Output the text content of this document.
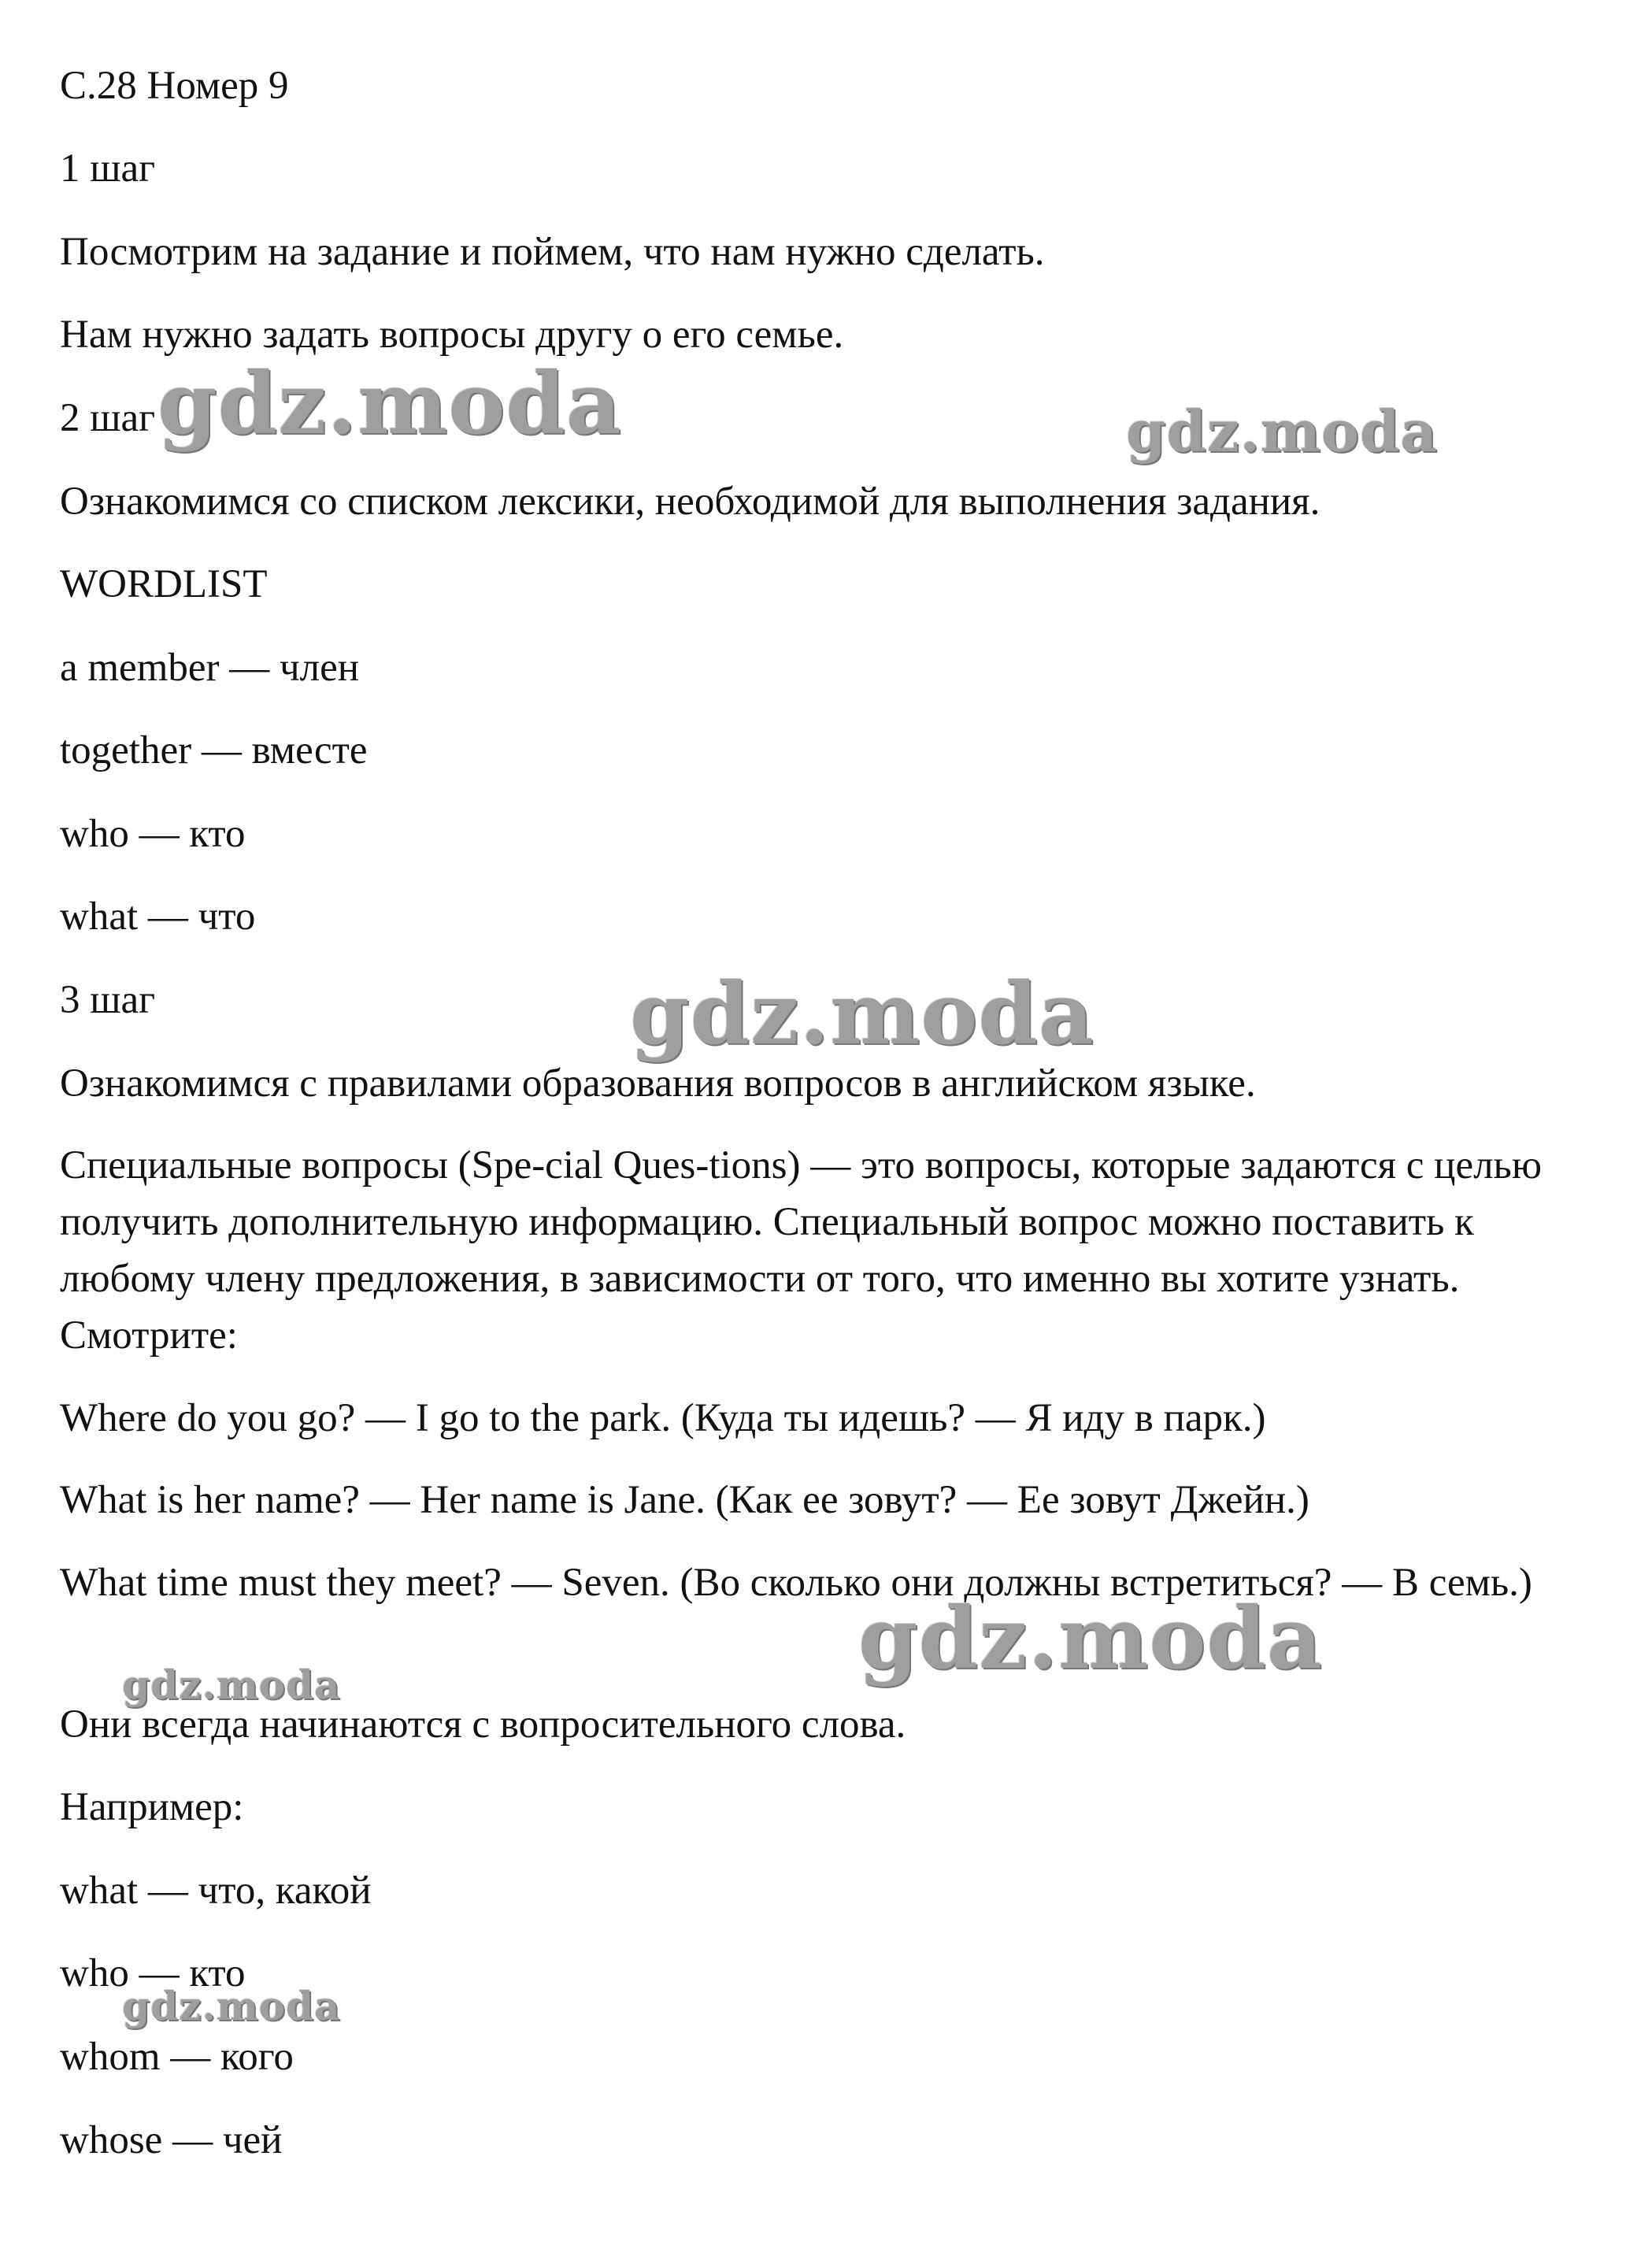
С.28 Номер 9
1 шаг
Посмотрим на задание и поймем, что нам нужно сделать.
Нам нужно задать вопросы другу о его семье.
2 шаг
Ознакомимся со списком лексики, необходимой для выполнения задания.
WORDLIST
a member — член
together — вместе
who — кто
what — что
3 шаг
Ознакомимся с правилами образования вопросов в английском языке.
Специальные вопросы (Spe-cial Ques-tions) — это вопросы, которые задаются с целью получить дополнительную информацию. Специальный вопрос можно поставить к любому члену предложения, в зависимости от того, что именно вы хотите узнать. Смотрите:
Where do you go? — I go to the park. (Куда ты идешь? — Я иду в парк.)
What is her name? — Her name is Jane. (Как ее зовут? — Ее зовут Джейн.)
What time must they meet? — Seven. (Во сколько они должны встретиться? — В семь.)
Они всегда начинаются с вопросительного слова.
Например:
what — что, какой
who — кто
whom — кого
whose — чей
gdz.moda	gdz.moda
gdz.moda
gdz.moda
gdz.moda
gdz.moda
